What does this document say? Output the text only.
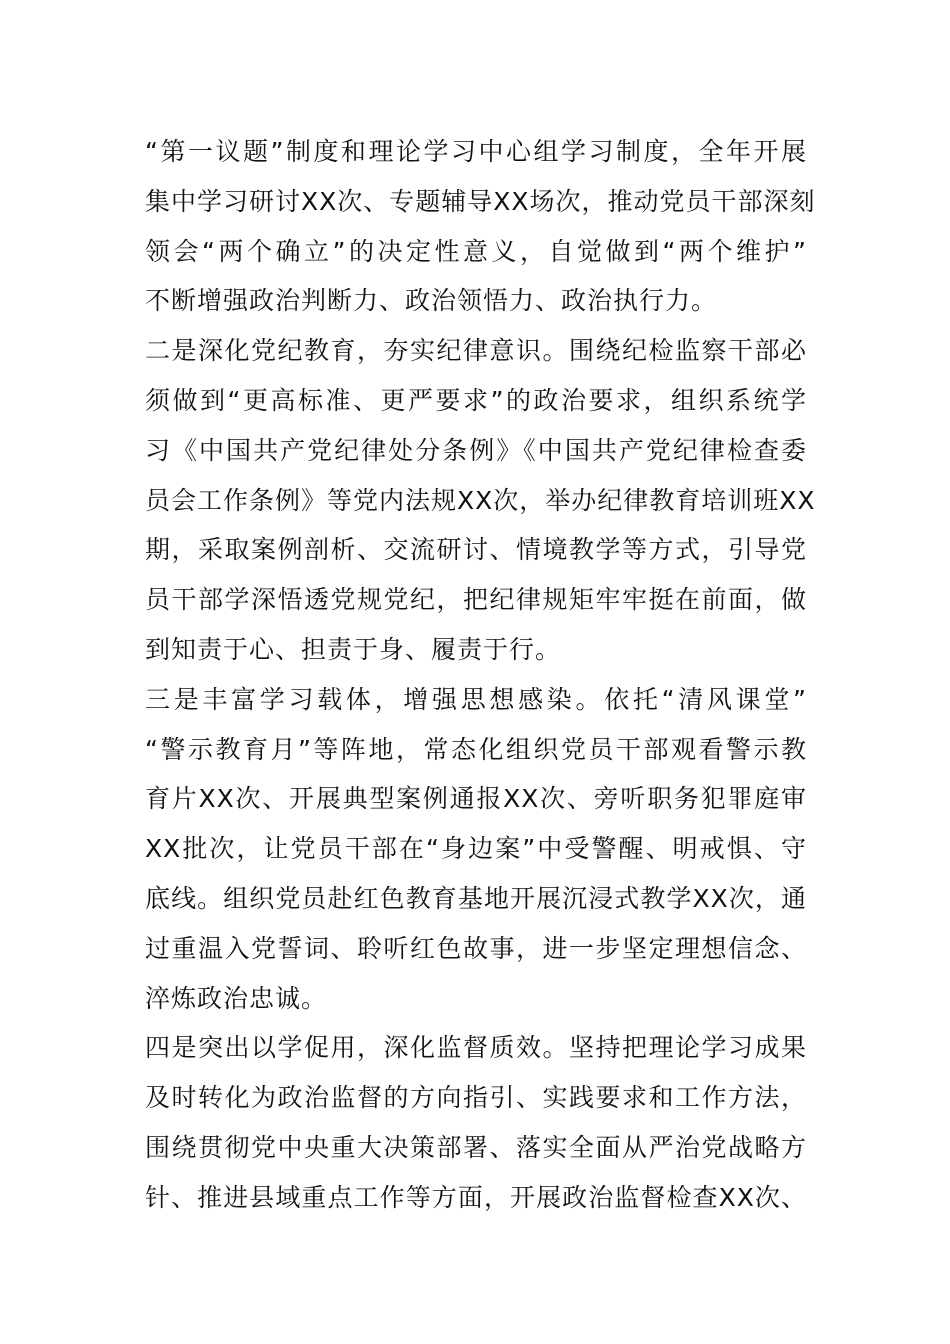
“第一议题”制度和理论学习中心组学习制度，全年开展
集中学习研讨XX次、专题辅导XX场次，推动党员干部深刻
领会“两个确立”的决定性意义，自觉做到“两个维护”
不断增强政治判断力、政治领悟力、政治执行力。
二是深化党纪教育，夯实纪律意识。围绕纪检监察干部必
须做到“更高标准、更严要求”的政治要求，组织系统学
习《中国共产党纪律处分条例》《中国共产党纪律检查委
员会工作条例》等党内法规XX次，举办纪律教育培训班XX
期，采取案例剖析、交流研讨、情境教学等方式，引导党
员干部学深悟透党规党纪，把纪律规矩牢牢挺在前面，做
到知责于心、担责于身、履责于行。
三是丰富学习载体，增强思想感染。依托“清风课堂”
“警示教育月”等阵地，常态化组织党员干部观看警示教
育片XX次、开展典型案例通报XX次、旁听职务犯罪庭审
XX批次，让党员干部在“身边案”中受警醒、明戒惧、守
底线。组织党员赴红色教育基地开展沉浸式教学XX次，通
过重温入党誓词、聆听红色故事，进一步坚定理想信念、
淬炼政治忠诚。
四是突出以学促用，深化监督质效。坚持把理论学习成果
及时转化为政治监督的方向指引、实践要求和工作方法，
围绕贯彻党中央重大决策部署、落实全面从严治党战略方
针、推进县域重点工作等方面，开展政治监督检查XX次、
